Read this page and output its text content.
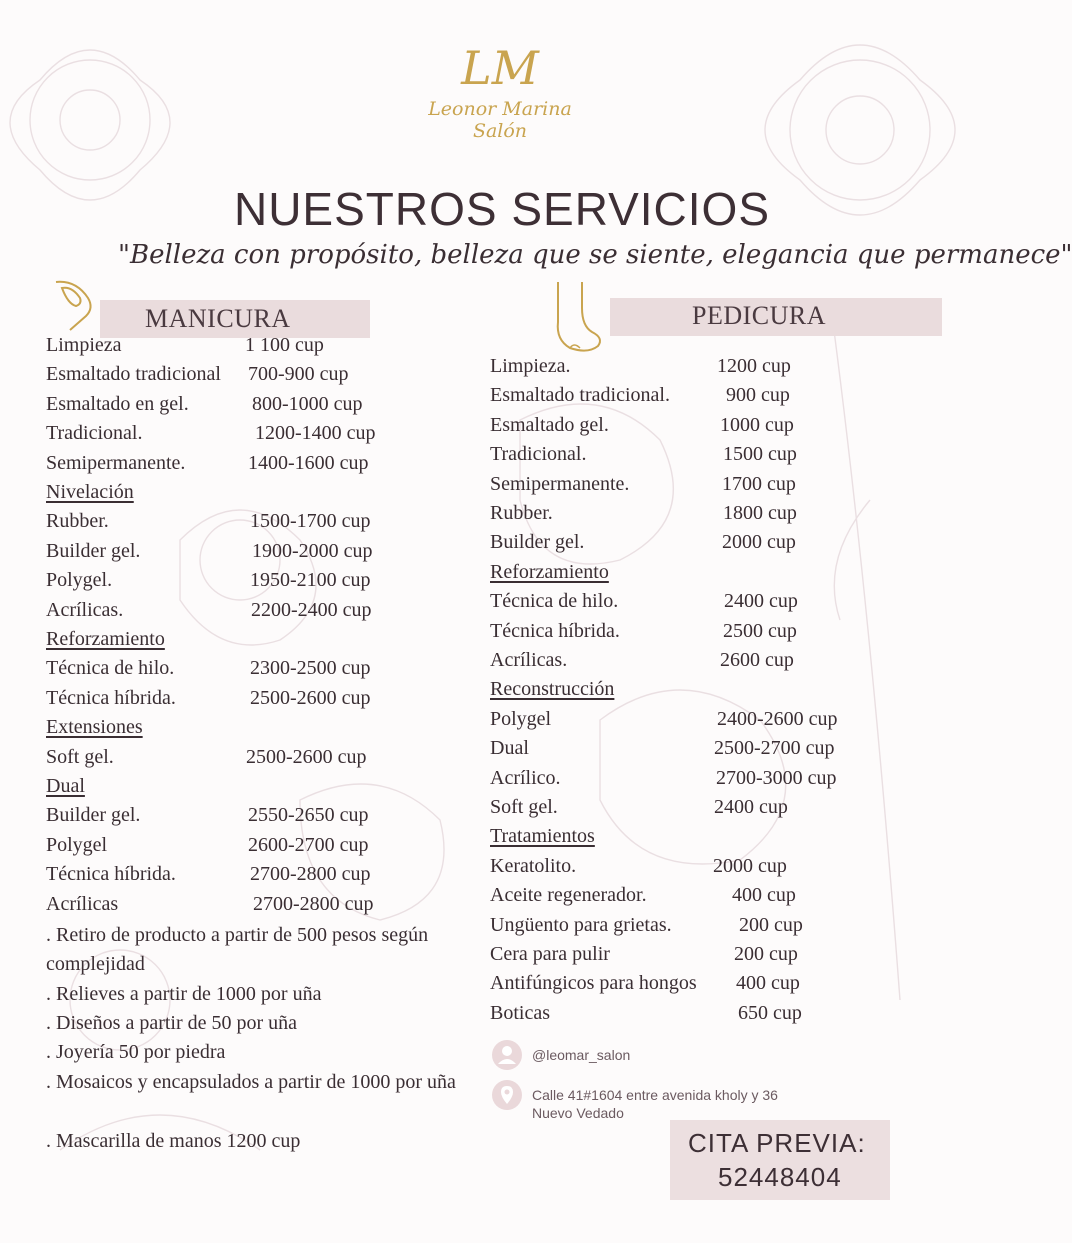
LM
Leonor Marina
Salón
NUESTROS SERVICIOS
"Belleza con propósito, belleza que se siente, elegancia que permanece"
MANICURA	PEDICURA
Limpieza	1 100 cup
Esmaltado tradicional 700-900 cup
Esmaltado en gel.	800-1000 cup
Tradicional.	1200-1400 cup
Semipermanente.	1400-1600 cup
Nivelación
Rubber.	1500-1700 cup
Builder gel.	1900-2000 cup
Polygel.	1950-2100 cup
Acrílicas.	2200-2400 cup
Reforzamiento
Técnica de hilo.	2300-2500 cup
Técnica híbrida.	2500-2600 cup
Extensiones
Soft gel.	2500-2600 cup
Dual
Builder gel.	2550-2650 cup
Polygel	2600-2700 cup
Técnica híbrida.	2700-2800 cup
Acrílicas	2700-2800 cup
Limpieza.	1200 cup
Esmaltado tradicional.	900 cup
Esmaltado gel.	1000 cup
Tradicional.	1500 cup
Semipermanente.	1700 cup
Rubber.	1800 cup
Builder gel.	2000 cup
Reforzamiento
Técnica de hilo.	2400 cup
Técnica híbrida.	2500 cup
Acrílicas.	2600 cup
Reconstrucción
Polygel	2400-2600 cup
Dual	2500-2700 cup
Acrílico.	2700-3000 cup
Soft gel.	2400 cup
Tratamientos
Keratolito.	2000 cup
Aceite regenerador.	400 cup
Ungüento para grietas.	200 cup
Cera para pulir	200 cup
Antifúngicos para hongos 400 cup
Boticas	650 cup
. Retiro de producto a partir de 500 pesos según complejidad
. Relieves a partir de 1000 por uña
. Diseños a partir de 50 por uña
. Joyería 50 por piedra
. Mosaicos y encapsulados a partir de 1000 por uña
. Mascarilla de manos 1200 cup
@leomar_salon
Calle 41#1604 entre avenida kholy y 36
Nuevo Vedado
CITA PREVIA:
52448404
